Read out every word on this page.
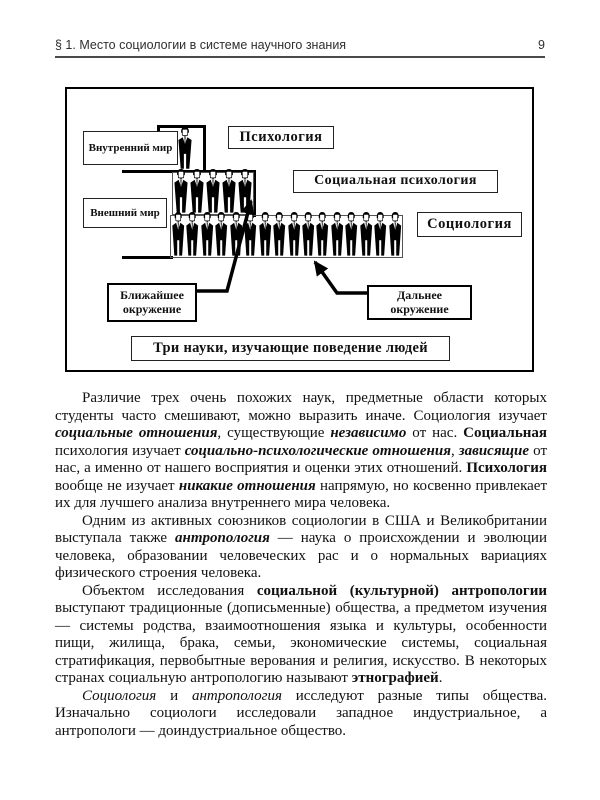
§ 1. Место социологии в системе научного знания	9
Внутренний мир
Внешний мир
Психология
Социальная психология
Социология
Ближайшее окружение
Дальнее окружение
Три науки, изучающие поведение людей

Различие трех очень похожих наук, предметные области которых студенты часто смешивают, можно выразить иначе. Социология изучает социальные отношения, существующие независимо от нас. Социальная психология изучает социально-психологические отношения, зависящие от нас, а именно от нашего восприятия и оценки этих отношений. Психология вообще не изучает никакие отношения напрямую, но косвенно привлекает их для лучшего анализа внутреннего мира человека.

Одним из активных союзников социологии в США и Великобритании выступала также антропология — наука о происхождении и эволюции человека, образовании человеческих рас и о нормальных вариациях физического строения человека.

Объектом исследования социальной (культурной) антропологии выступают традиционные (дописьменные) общества, а предметом изучения — системы родства, взаимоотношения языка и культуры, особенности пищи, жилища, брака, семьи, экономические системы, социальная стратификация, первобытные верования и религия, искусство. В некоторых странах социальную антропологию называют этнографией.

Социология и антропология исследуют разные типы общества. Изначально социологи исследовали западное индустриальное, а антропологи — доиндустриальное общество.
